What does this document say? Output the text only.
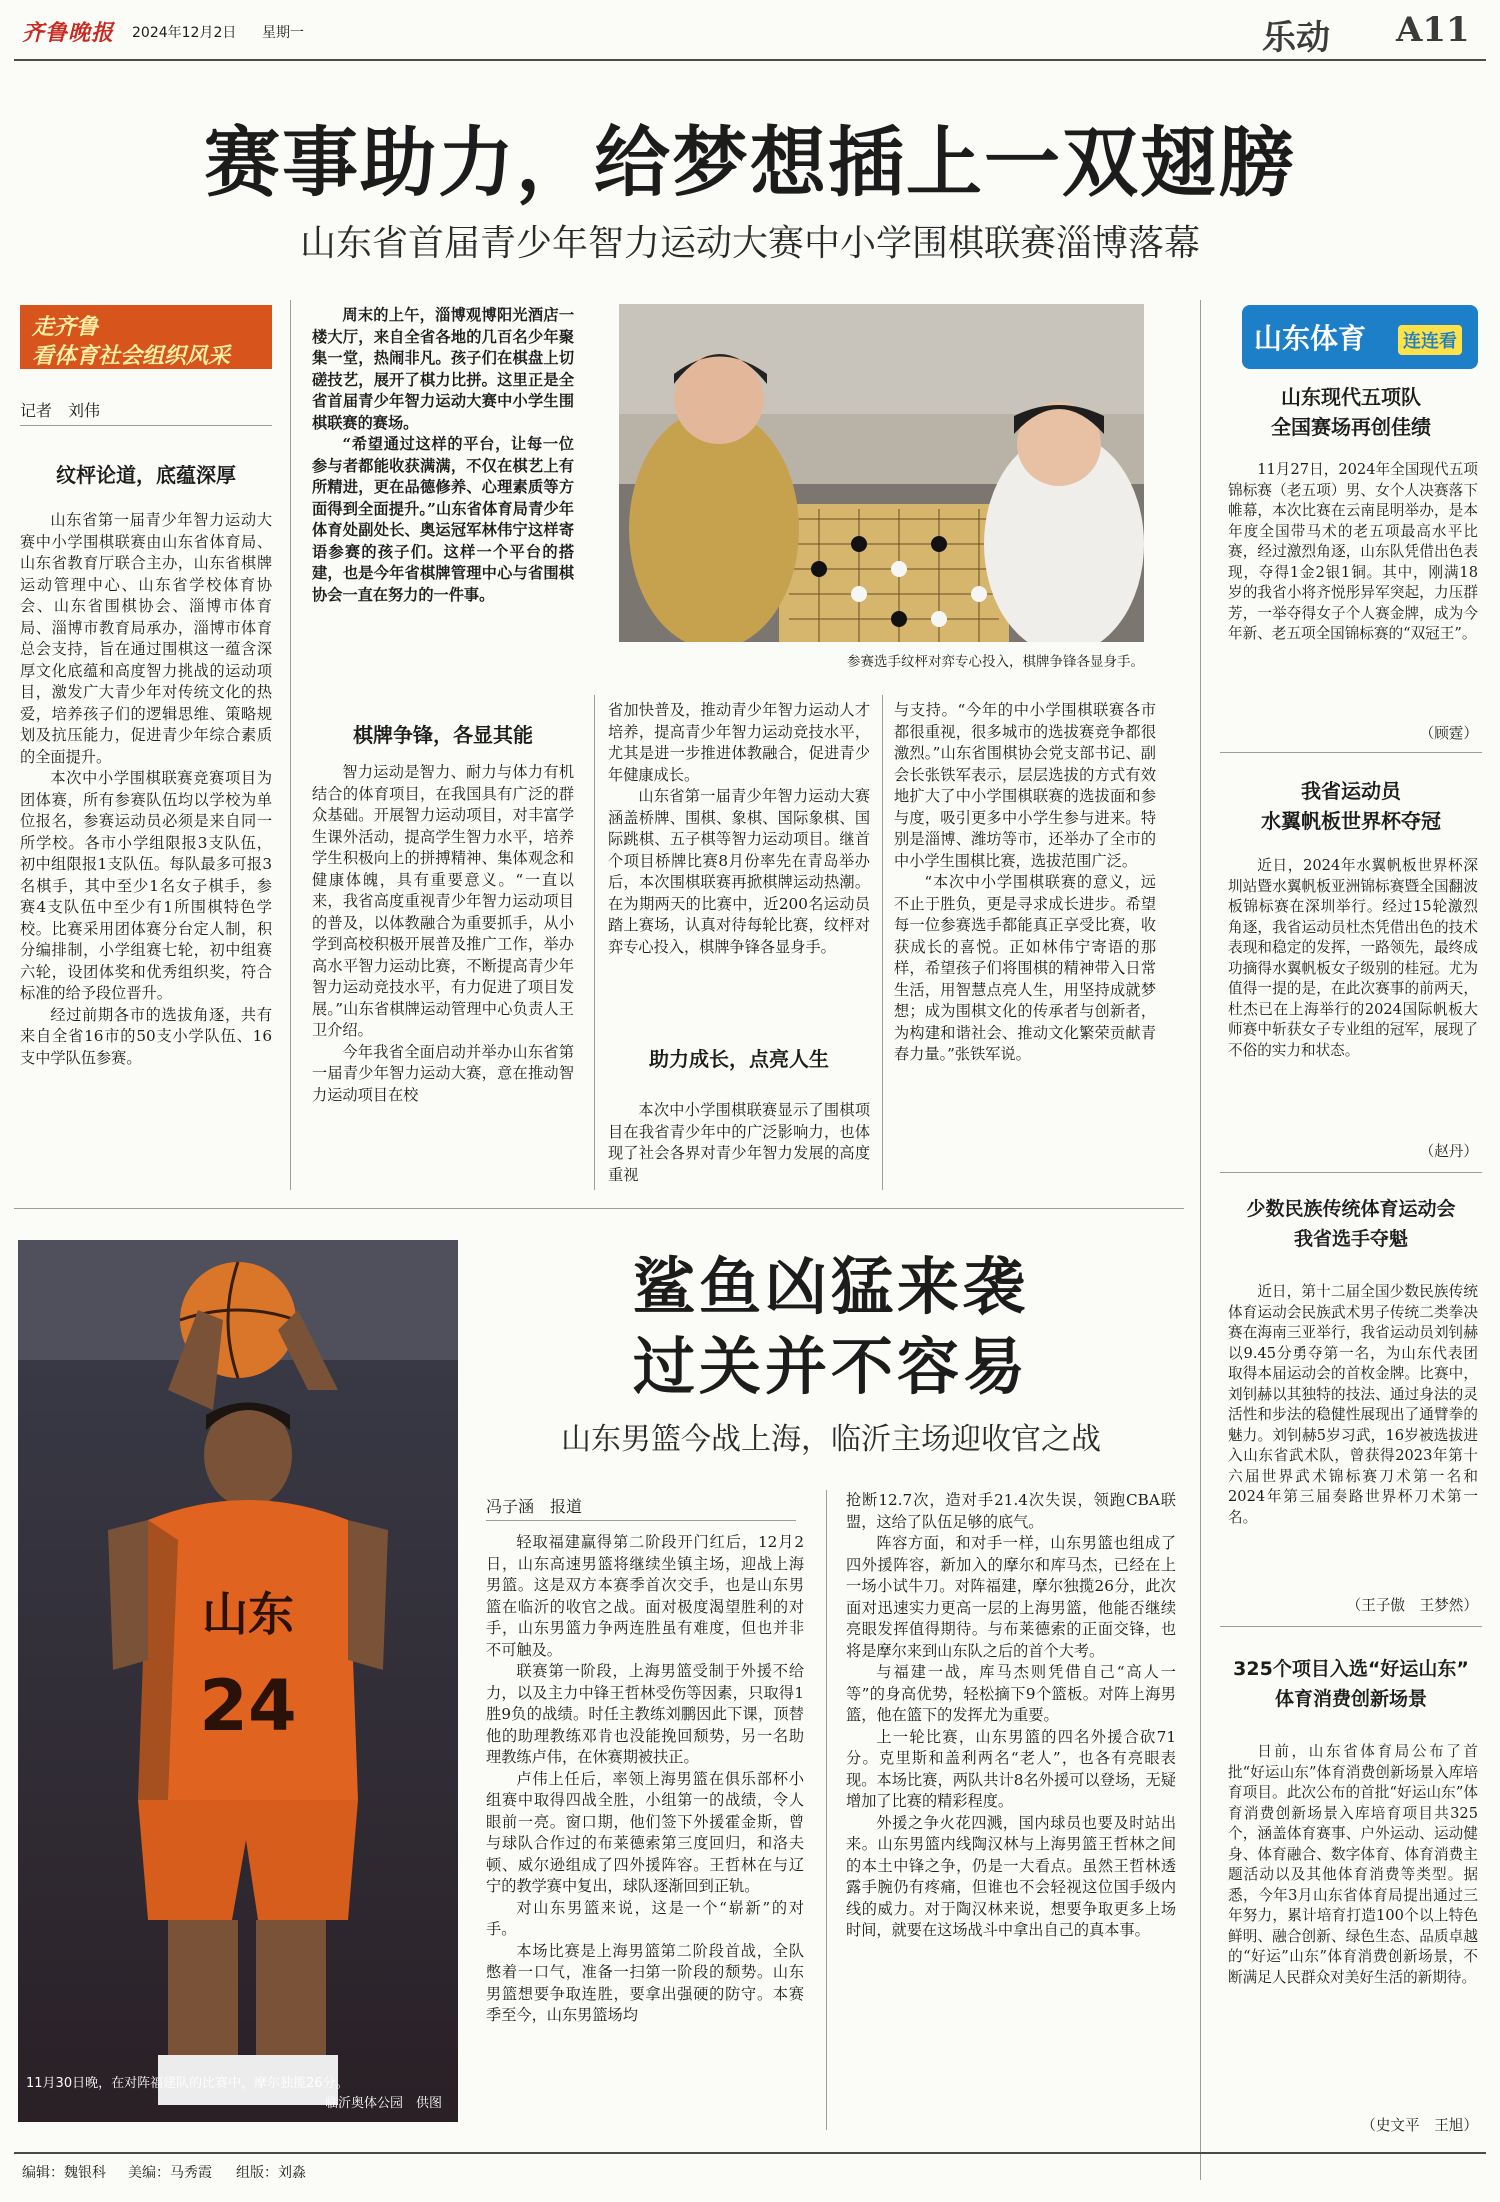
齐鲁晚报 2024年12月2日 星期一	乐动 A11
赛事助力，给梦想插上一双翅膀
山东省首届青少年智力运动大赛中小学围棋联赛淄博落幕
走齐鲁
看体育社会组织风采
记者　刘伟
纹枰论道，底蕴深厚

山东省第一届青少年智力运动大赛中小学围棋联赛由山东省体育局、山东省教育厅联合主办，山东省棋牌运动管理中心、山东省学校体育协会、山东省围棋协会、淄博市体育局、淄博市教育局承办，淄博市体育总会支持，旨在通过围棋这一蕴含深厚文化底蕴和高度智力挑战的运动项目，激发广大青少年对传统文化的热爱，培养孩子们的逻辑思维、策略规划及抗压能力，促进青少年综合素质的全面提升。

本次中小学围棋联赛竞赛项目为团体赛，所有参赛队伍均以学校为单位报名，参赛运动员必须是来自同一所学校。各市小学组限报3支队伍，初中组限报1支队伍。每队最多可报3名棋手，其中至少1名女子棋手，参赛4支队伍中至少有1所围棋特色学校。比赛采用团体赛分台定人制，积分编排制，小学组赛七轮，初中组赛六轮，设团体奖和优秀组织奖，符合标准的给予段位晋升。

经过前期各市的选拔角逐，共有来自全省16市的50支小学队伍、16支中学队伍参赛。

周末的上午，淄博观博阳光酒店一楼大厅，来自全省各地的几百名少年聚集一堂，热闹非凡。孩子们在棋盘上切磋技艺，展开了棋力比拼。这里正是全省首届青少年智力运动大赛中小学生围棋联赛的赛场。

“希望通过这样的平台，让每一位参与者都能收获满满，不仅在棋艺上有所精进，更在品德修养、心理素质等方面得到全面提升。”山东省体育局青少年体育处副处长、奥运冠军林伟宁这样寄语参赛的孩子们。这样一个平台的搭建，也是今年省棋牌管理中心与省围棋协会一直在努力的一件事。

参赛选手纹枰对弈专心投入，棋牌争锋各显身手。
棋牌争锋，各显其能

智力运动是智力、耐力与体力有机结合的体育项目，在我国具有广泛的群众基础。开展智力运动项目，对丰富学生课外活动，提高学生智力水平，培养学生积极向上的拼搏精神、集体观念和健康体魄，具有重要意义。“一直以来，我省高度重视青少年智力运动项目的普及，以体教融合为重要抓手，从小学到高校积极开展普及推广工作，举办高水平智力运动比赛，不断提高青少年智力运动竞技水平，有力促进了项目发展。”山东省棋牌运动管理中心负责人王卫介绍。

今年我省全面启动并举办山东省第一届青少年智力运动大赛，意在推动智力运动项目在校

省加快普及，推动青少年智力运动人才培养，提高青少年智力运动竞技水平，尤其是进一步推进体教融合，促进青少年健康成长。

山东省第一届青少年智力运动大赛涵盖桥牌、围棋、象棋、国际象棋、国际跳棋、五子棋等智力运动项目。继首个项目桥牌比赛8月份率先在青岛举办后，本次围棋联赛再掀棋牌运动热潮。在为期两天的比赛中，近200名运动员踏上赛场，认真对待每轮比赛，纹枰对弈专心投入，棋牌争锋各显身手。

助力成长，点亮人生

本次中小学围棋联赛显示了围棋项目在我省青少年中的广泛影响力，也体现了社会各界对青少年智力发展的高度重视

与支持。“今年的中小学围棋联赛各市都很重视，很多城市的选拔赛竞争都很激烈。”山东省围棋协会党支部书记、副会长张铁军表示，层层选拔的方式有效地扩大了中小学围棋联赛的选拔面和参与度，吸引更多中小学生参与进来。特别是淄博、潍坊等市，还举办了全市的中小学生围棋比赛，选拔范围广泛。

“本次中小学围棋联赛的意义，远不止于胜负，更是寻求成长进步。希望每一位参赛选手都能真正享受比赛，收获成长的喜悦。正如林伟宁寄语的那样，希望孩子们将围棋的精神带入日常生活，用智慧点亮人生，用坚持成就梦想；成为围棋文化的传承者与创新者，为构建和谐社会、推动文化繁荣贡献青春力量。”张铁军说。

山东体育 连连看
山东现代五项队
全国赛场再创佳绩

11月27日，2024年全国现代五项锦标赛（老五项）男、女个人决赛落下帷幕，本次比赛在云南昆明举办，是本年度全国带马术的老五项最高水平比赛，经过激烈角逐，山东队凭借出色表现，夺得1金2银1铜。其中，刚满18岁的我省小将齐悦彤异军突起，力压群芳，一举夺得女子个人赛金牌，成为今年新、老五项全国锦标赛的“双冠王”。

（顾霆）
我省运动员
水翼帆板世界杯夺冠

近日，2024年水翼帆板世界杯深圳站暨水翼帆板亚洲锦标赛暨全国翻波板锦标赛在深圳举行。经过15轮激烈角逐，我省运动员杜杰凭借出色的技术表现和稳定的发挥，一路领先，最终成功摘得水翼帆板女子级别的桂冠。尤为值得一提的是，在此次赛事的前两天，杜杰已在上海举行的2024国际帆板大师赛中斩获女子专业组的冠军，展现了不俗的实力和状态。

（赵丹）
少数民族传统体育运动会
我省选手夺魁

近日，第十二届全国少数民族传统体育运动会民族武术男子传统二类拳决赛在海南三亚举行，我省运动员刘钊赫以9.45分勇夺第一名，为山东代表团取得本届运动会的首枚金牌。比赛中，刘钊赫以其独特的技法、通过身法的灵活性和步法的稳健性展现出了通臂拳的魅力。刘钊赫5岁习武，16岁被选拔进入山东省武术队，曾获得2023年第十六届世界武术锦标赛刀术第一名和2024年第三届奏路世界杯刀术第一名。

（王子傲　王梦然）
325个项目入选“好运山东”
体育消费创新场景

日前，山东省体育局公布了首批“好运山东”体育消费创新场景入库培育项目。此次公布的首批“好运山东”体育消费创新场景入库培育项目共325个，涵盖体育赛事、户外运动、运动健身、体育融合、数字体育、体育消费主题活动以及其他体育消费等类型。据悉，今年3月山东省体育局提出通过三年努力，累计培育打造100个以上特色鲜明、融合创新、绿色生态、品质卓越的“好运”山东”体育消费创新场景，不断满足人民群众对美好生活的新期待。

（史文平　王旭）
山东
24
11月30日晚，在对阵福建队的比赛中，摩尔独揽26分。
临沂奥体公园　供图
鲨鱼凶猛来袭
过关并不容易
山东男篮今战上海，临沂主场迎收官之战
冯子涵　报道

轻取福建赢得第二阶段开门红后，12月2日，山东高速男篮将继续坐镇主场，迎战上海男篮。这是双方本赛季首次交手，也是山东男篮在临沂的收官之战。面对极度渴望胜利的对手，山东男篮力争两连胜虽有难度，但也并非不可触及。

联赛第一阶段，上海男篮受制于外援不给力，以及主力中锋王哲林受伤等因素，只取得1胜9负的战绩。时任主教练刘鹏因此下课，顶替他的助理教练邓肯也没能挽回颓势，另一名助理教练卢伟，在休赛期被扶正。

卢伟上任后，率领上海男篮在俱乐部杯小组赛中取得四战全胜，小组第一的战绩，令人眼前一亮。窗口期，他们签下外援霍金斯，曾与球队合作过的布莱德索第三度回归，和洛夫顿、威尔逊组成了四外援阵容。王哲林在与辽宁的教学赛中复出，球队逐渐回到正轨。

对山东男篮来说，这是一个“崭新”的对手。

本场比赛是上海男篮第二阶段首战，全队憋着一口气，准备一扫第一阶段的颓势。山东男篮想要争取连胜，要拿出强硬的防守。本赛季至今，山东男篮场均

抢断12.7次，造对手21.4次失误，领跑CBA联盟，这给了队伍足够的底气。

阵容方面，和对手一样，山东男篮也组成了四外援阵容，新加入的摩尔和库马杰，已经在上一场小试牛刀。对阵福建，摩尔独揽26分，此次面对迅速实力更高一层的上海男篮，他能否继续亮眼发挥值得期待。与布莱德索的正面交锋，也将是摩尔来到山东队之后的首个大考。

与福建一战，库马杰则凭借自己“高人一等”的身高优势，轻松摘下9个篮板。对阵上海男篮，他在篮下的发挥尤为重要。

上一轮比赛，山东男篮的四名外援合砍71分。克里斯和盖利两名“老人”，也各有亮眼表现。本场比赛，两队共计8名外援可以登场，无疑增加了比赛的精彩程度。

外援之争火花四溅，国内球员也要及时站出来。山东男篮内线陶汉林与上海男篮王哲林之间的本土中锋之争，仍是一大看点。虽然王哲林透露手腕仍有疼痛，但谁也不会轻视这位国手级内线的威力。对于陶汉林来说，想要争取更多上场时间，就要在这场战斗中拿出自己的真本事。

编辑：魏银科 美编：马秀霞 组版：刘淼
